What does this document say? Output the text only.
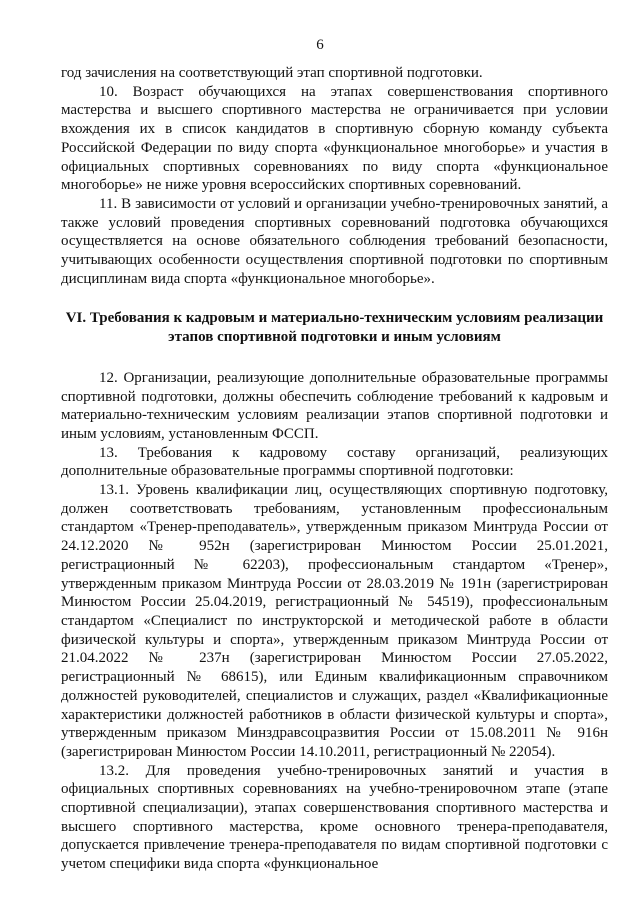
6

год зачисления на соответствующий этап спортивной подготовки.

10. Возраст обучающихся на этапах совершенствования спортивного мастерства и высшего спортивного мастерства не ограничивается при условии вхождения их в список кандидатов в спортивную сборную команду субъекта Российской Федерации по виду спорта «функциональное многоборье» и участия в официальных спортивных соревнованиях по виду спорта «функциональное многоборье» не ниже уровня всероссийских спортивных соревнований.

11. В зависимости от условий и организации учебно-тренировочных занятий, а также условий проведения спортивных соревнований подготовка обучающихся осуществляется на основе обязательного соблюдения требований безопасности, учитывающих особенности осуществления спортивной подготовки по спортивным дисциплинам вида спорта «функциональное многоборье».

VI. Требования к кадровым и материально-техническим условиям реализации этапов спортивной подготовки и иным условиям

12. Организации, реализующие дополнительные образовательные программы спортивной подготовки, должны обеспечить соблюдение требований к кадровым и материально-техническим условиям реализации этапов спортивной подготовки и иным условиям, установленным ФССП.

13. Требования к кадровому составу организаций, реализующих дополнительные образовательные программы спортивной подготовки:

13.1. Уровень квалификации лиц, осуществляющих спортивную подготовку, должен соответствовать требованиям, установленным профессиональным стандартом «Тренер-преподаватель», утвержденным приказом Минтруда России от 24.12.2020 № 952н (зарегистрирован Минюстом России 25.01.2021, регистрационный № 62203), профессиональным стандартом «Тренер», утвержденным приказом Минтруда России от 28.03.2019 № 191н (зарегистрирован Минюстом России 25.04.2019, регистрационный № 54519), профессиональным стандартом «Специалист по инструкторской и методической работе в области физической культуры и спорта», утвержденным приказом Минтруда России от 21.04.2022 № 237н (зарегистрирован Минюстом России 27.05.2022, регистрационный № 68615), или Единым квалификационным справочником должностей руководителей, специалистов и служащих, раздел «Квалификационные характеристики должностей работников в области физической культуры и спорта», утвержденным приказом Минздравсоцразвития России от 15.08.2011 № 916н (зарегистрирован Минюстом России 14.10.2011, регистрационный № 22054).

13.2. Для проведения учебно-тренировочных занятий и участия в официальных спортивных соревнованиях на учебно-тренировочном этапе (этапе спортивной специализации), этапах совершенствования спортивного мастерства и высшего спортивного мастерства, кроме основного тренера-преподавателя, допускается привлечение тренера-преподавателя по видам спортивной подготовки с учетом специфики вида спорта «функциональное
